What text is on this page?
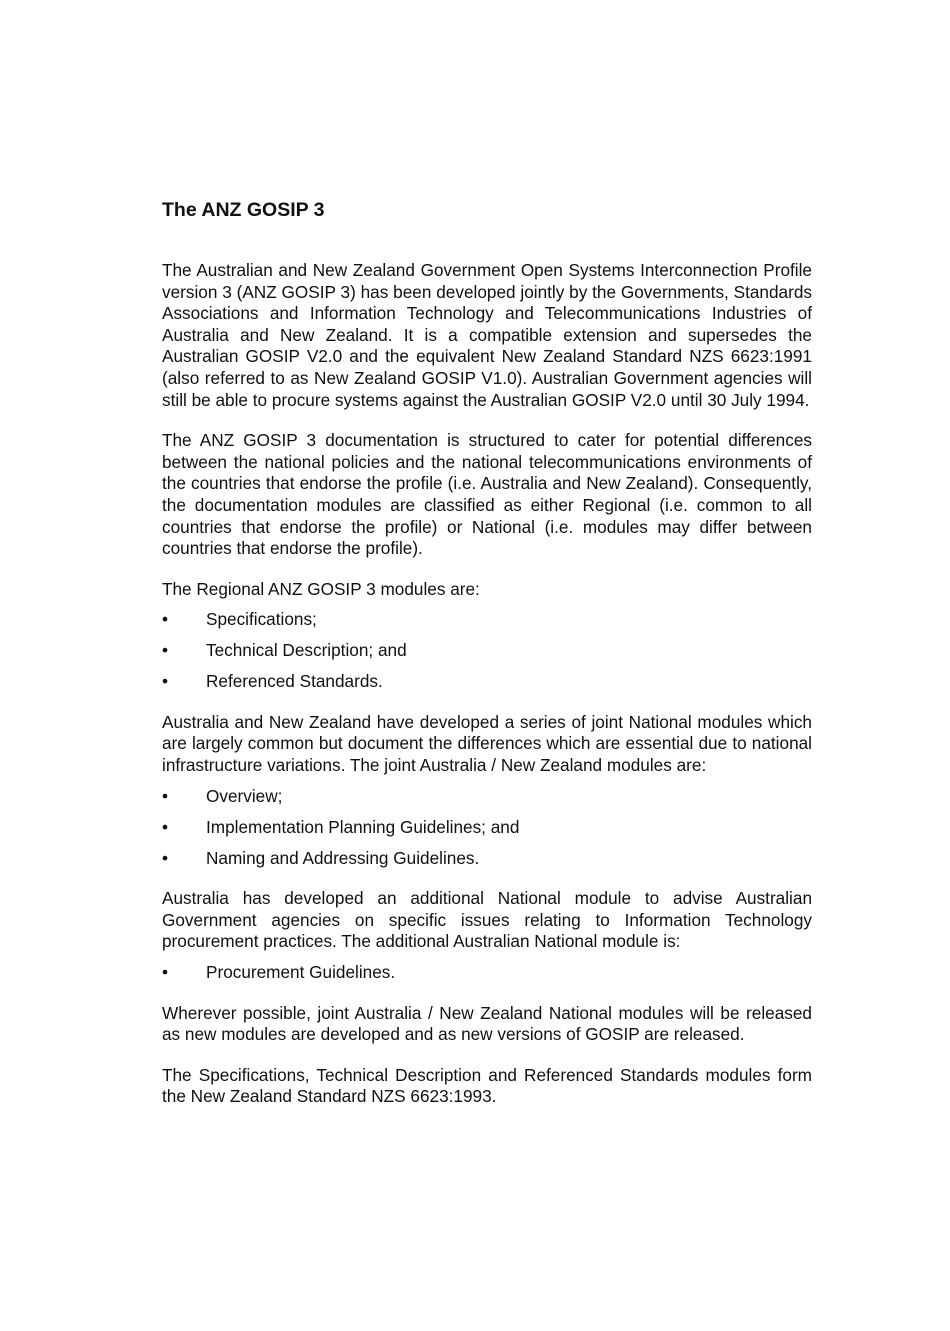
The ANZ GOSIP 3

The Australian and New Zealand Government Open Systems Interconnection Profile version 3 (ANZ GOSIP 3) has been developed jointly by the Governments, Standards Associations and Information Technology and Telecommunications Industries of Australia and New Zealand. It is a compatible extension and supersedes the Australian GOSIP V2.0 and the equivalent New Zealand Standard NZS 6623:1991 (also referred to as New Zealand GOSIP V1.0). Australian Government agencies will still be able to procure systems against the Australian GOSIP V2.0 until 30 July 1994.

The ANZ GOSIP 3 documentation is structured to cater for potential differences between the national policies and the national telecommunications environments of the countries that endorse the profile (i.e. Australia and New Zealand). Consequently, the documentation modules are classified as either Regional (i.e. common to all countries that endorse the profile) or National (i.e. modules may differ between countries that endorse the profile).

The Regional ANZ GOSIP 3 modules are:

•	Specifications;
•	Technical Description; and
•	Referenced Standards.

Australia and New Zealand have developed a series of joint National modules which are largely common but document the differences which are essential due to national infrastructure variations. The joint Australia / New Zealand modules are:

•	Overview;
•	Implementation Planning Guidelines; and
•	Naming and Addressing Guidelines.

Australia has developed an additional National module to advise Australian Government agencies on specific issues relating to Information Technology procurement practices. The additional Australian National module is:

•	Procurement Guidelines.

Wherever possible, joint Australia / New Zealand National modules will be released as new modules are developed and as new versions of GOSIP are released.

The Specifications, Technical Description and Referenced Standards modules form the New Zealand Standard NZS 6623:1993.
